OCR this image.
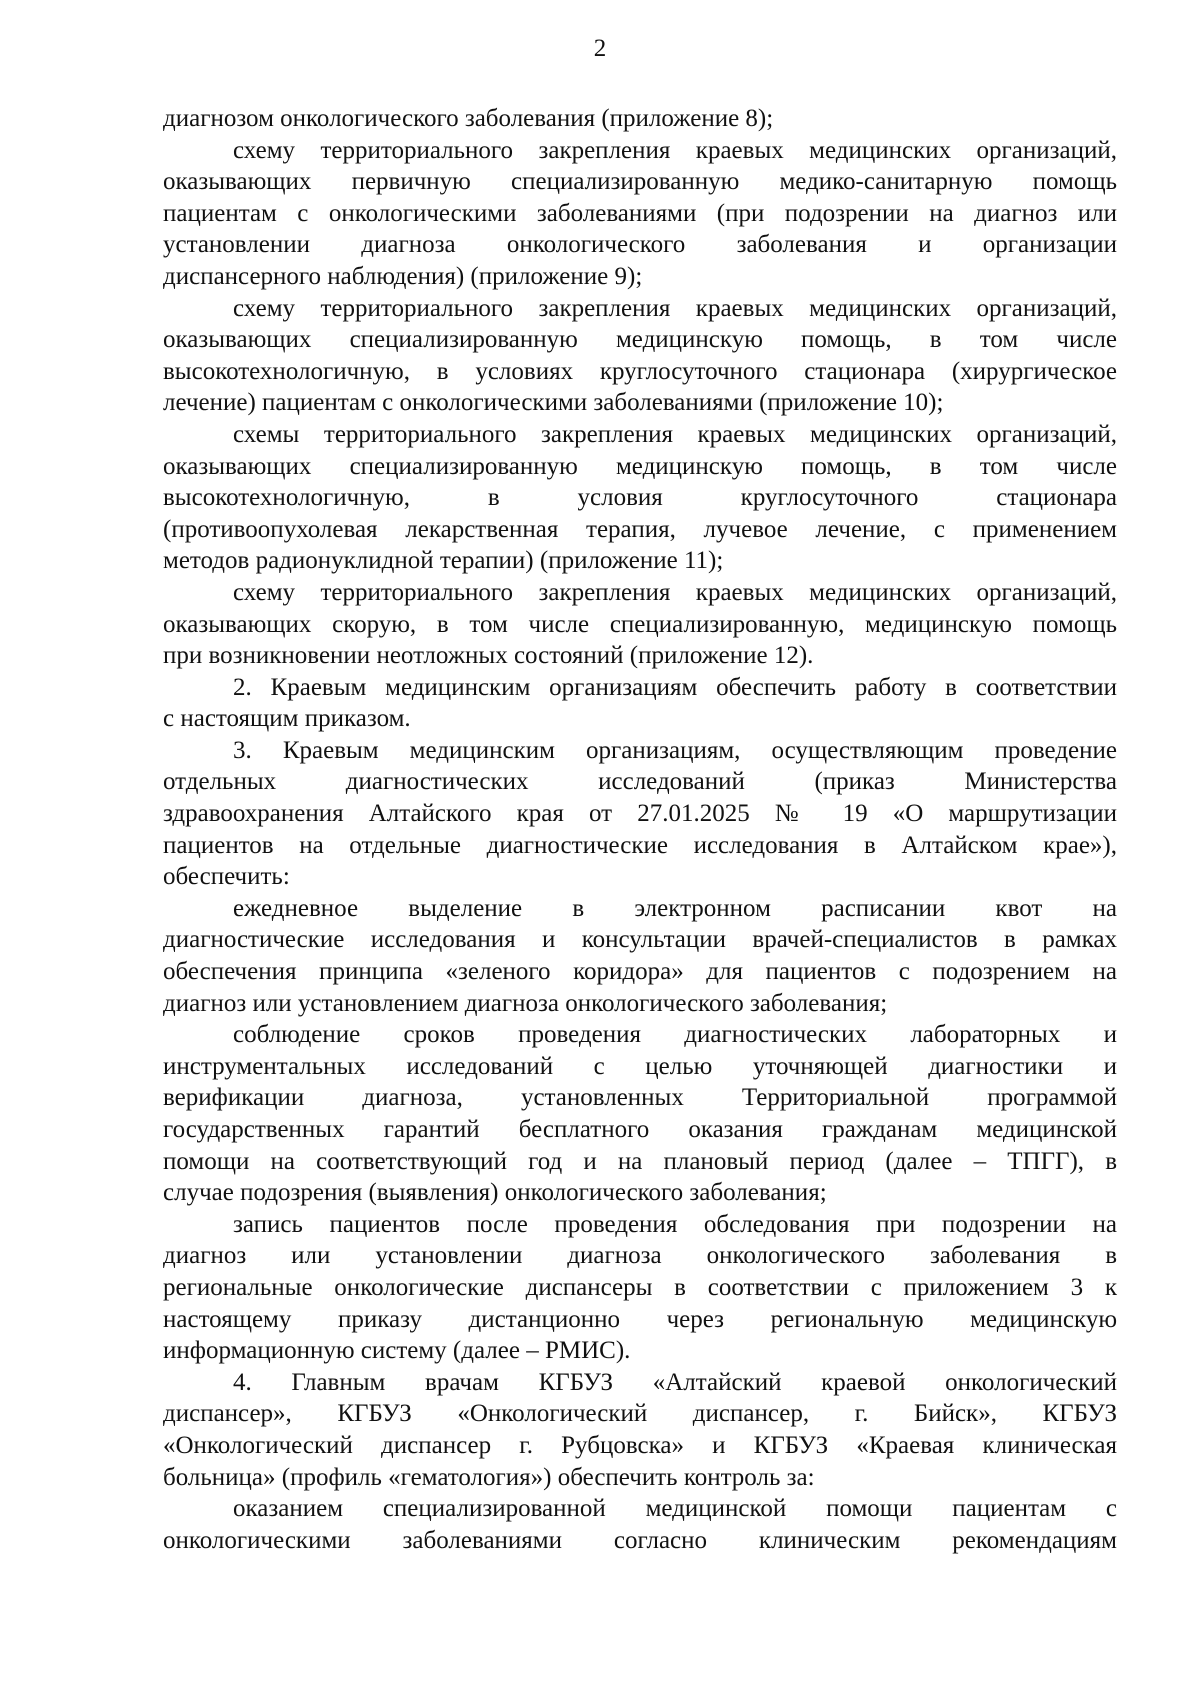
2
диагнозом онкологического заболевания (приложение 8);
схему территориального закрепления краевых медицинских организаций,
оказывающих первичную специализированную медико-санитарную помощь
пациентам с онкологическими заболеваниями (при подозрении на диагноз или
установлении диагноза онкологического заболевания и организации
диспансерного наблюдения) (приложение 9);
схему территориального закрепления краевых медицинских организаций,
оказывающих специализированную медицинскую помощь, в том числе
высокотехнологичную, в условиях круглосуточного стационара (хирургическое
лечение) пациентам с онкологическими заболеваниями (приложение 10);
схемы территориального закрепления краевых медицинских организаций,
оказывающих специализированную медицинскую помощь, в том числе
высокотехнологичную, в условия круглосуточного стационара
(противоопухолевая лекарственная терапия, лучевое лечение, с применением
методов радионуклидной терапии) (приложение 11);
схему территориального закрепления краевых медицинских организаций,
оказывающих скорую, в том числе специализированную, медицинскую помощь
при возникновении неотложных состояний (приложение 12).
2. Краевым медицинским организациям обеспечить работу в соответствии
с настоящим приказом.
3. Краевым медицинским организациям, осуществляющим проведение
отдельных диагностических исследований (приказ Министерства
здравоохранения Алтайского края от 27.01.2025 № 19 «О маршрутизации
пациентов на отдельные диагностические исследования в Алтайском крае»),
обеспечить:
ежедневное выделение в электронном расписании квот на
диагностические исследования и консультации врачей-специалистов в рамках
обеспечения принципа «зеленого коридора» для пациентов с подозрением на
диагноз или установлением диагноза онкологического заболевания;
соблюдение сроков проведения диагностических лабораторных и
инструментальных исследований с целью уточняющей диагностики и
верификации диагноза, установленных Территориальной программой
государственных гарантий бесплатного оказания гражданам медицинской
помощи на соответствующий год и на плановый период (далее – ТПГГ), в
случае подозрения (выявления) онкологического заболевания;
запись пациентов после проведения обследования при подозрении на
диагноз или установлении диагноза онкологического заболевания в
региональные онкологические диспансеры в соответствии с приложением 3 к
настоящему приказу дистанционно через региональную медицинскую
информационную систему (далее – РМИС).
4. Главным врачам КГБУЗ «Алтайский краевой онкологический
диспансер», КГБУЗ «Онкологический диспансер, г. Бийск», КГБУЗ
«Онкологический диспансер г. Рубцовска» и КГБУЗ «Краевая клиническая
больница» (профиль «гематология») обеспечить контроль за:
оказанием специализированной медицинской помощи пациентам с
онкологическими заболеваниями согласно клиническим рекомендациям
